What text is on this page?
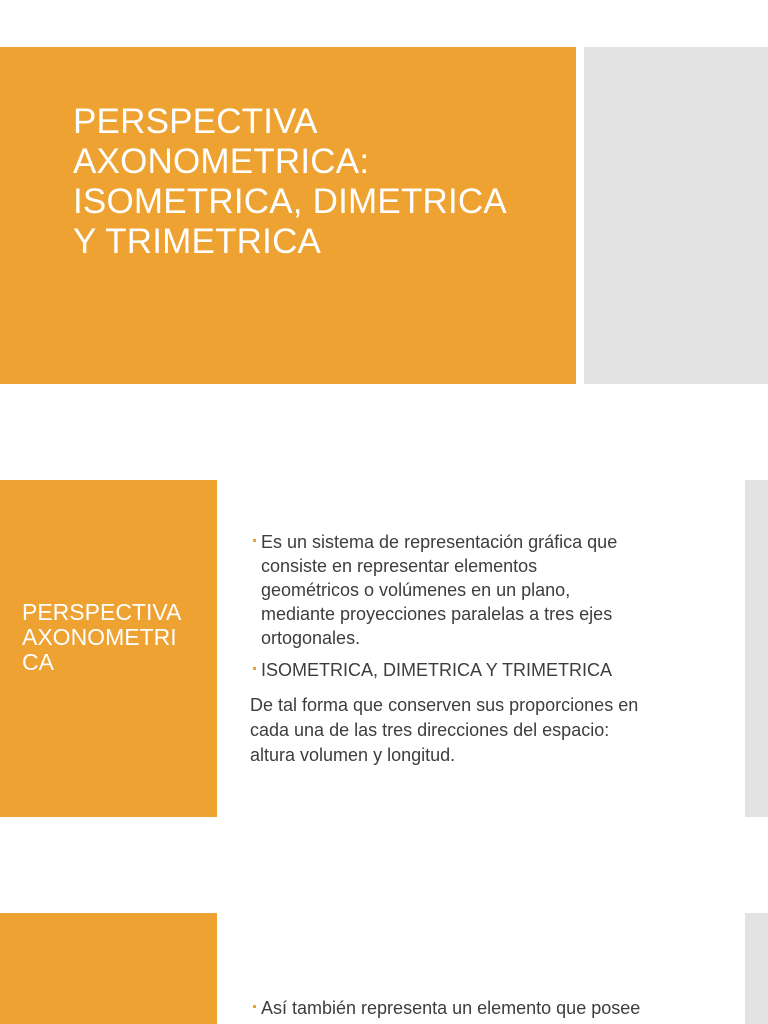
PERSPECTIVA
AXONOMETRICA:
ISOMETRICA, DIMETRICA
Y TRIMETRICA
PERSPECTIVA
AXONOMETRI
CA
Es un sistema de representación gráfica que
consiste en representar elementos
geométricos o volúmenes en un plano,
mediante proyecciones paralelas a tres ejes
ortogonales.
ISOMETRICA, DIMETRICA Y TRIMETRICA
De tal forma que conserven sus proporciones en
cada una de las tres direcciones del espacio:
altura volumen y longitud.
Así también representa un elemento que posee
